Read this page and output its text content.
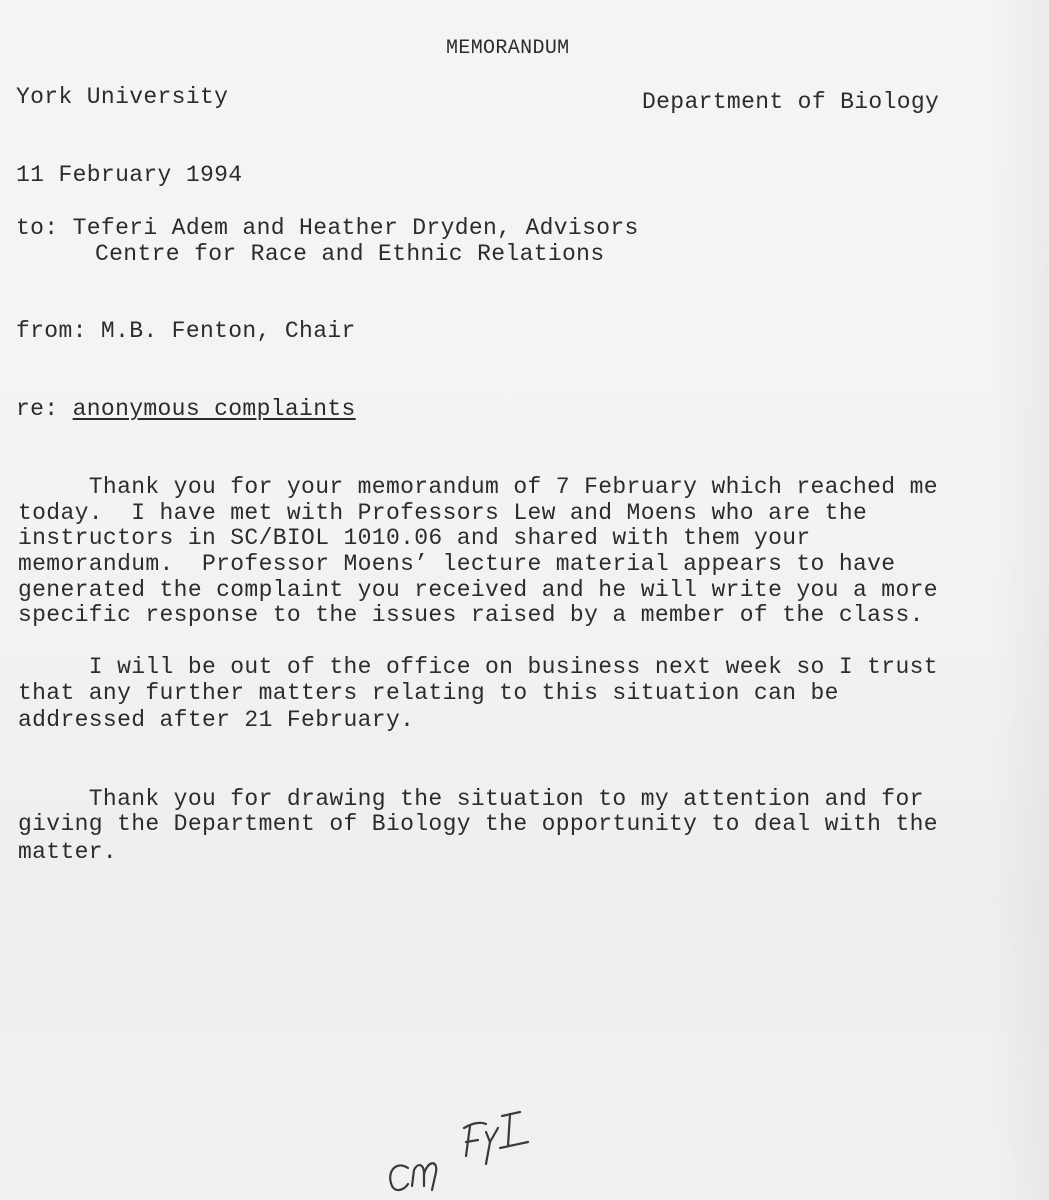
MEMORANDUM
York University	Department of Biology
11 February 1994
to: Teferi Adem and Heather Dryden, Advisors
Centre for Race and Ethnic Relations
from: M.B. Fenton, Chair
re: anonymous complaints
Thank you for your memorandum of 7 February which reached me
today.  I have met with Professors Lew and Moens who are the
instructors in SC/BIOL 1010.06 and shared with them your
memorandum.  Professor Moens’ lecture material appears to have
generated the complaint you received and he will write you a more
specific response to the issues raised by a member of the class.
I will be out of the office on business next week so I trust
that any further matters relating to this situation can be
addressed after 21 February.
Thank you for drawing the situation to my attention and for
giving the Department of Biology the opportunity to deal with the
matter.
